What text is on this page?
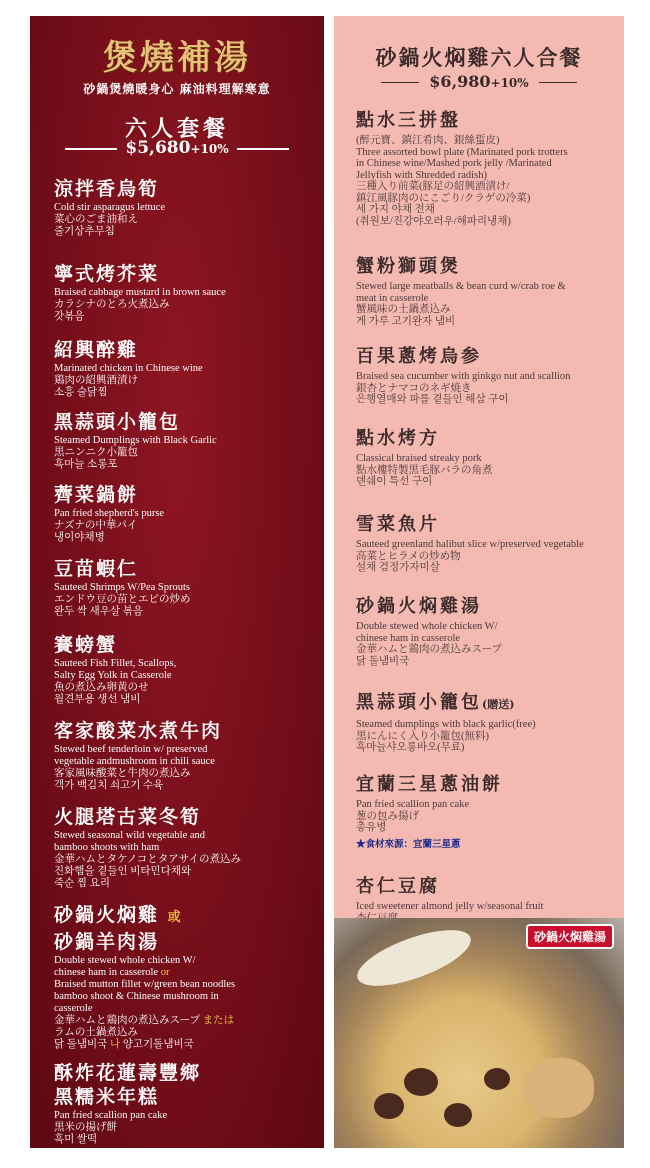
煲燒補湯
砂鍋煲燒暖身心 麻油料理解寒意
六人套餐
$5,680+10%
涼拌香烏筍
Cold stir asparagus lettuce
菜心のごま油和え
줄기상추무침
寧式烤芥菜
Braised cabbage mustard in brown sauce
カラシナのとろ火煮込み
갓볶음
紹興醉雞
Marinated chicken in Chinese wine
鶏肉の紹興酒漬け
소흥 술닭찜
黑蒜頭小籠包
Steamed Dumplings with Black Garlic
黒ニンニク小籠包
흑마늘 소롱포
薺菜鍋餅
Pan fried shepherd's purse
ナズナの中華パイ
냉이야채병
豆苗蝦仁
Sauteed Shrimps W/Pea Sprouts
エンドウ豆の苗とエビの炒め
완두 싹 새우살 볶음
賽螃蟹
Sauteed Fish Fillet, Scallops,
Salty Egg Yolk in Casserole
魚の煮込み卵黄のせ
월견부용 생선 냄비
客家酸菜水煮牛肉
Stewed beef tenderloin w/ preserved
vegetable andmushroom in chili sauce
客家風味酸菜と牛肉の煮込み
객가 백김치 쇠고기 수육
火腿塔古菜冬筍
Stewed seasonal wild vegetable and
bamboo shoots with ham
金華ハムとタケノコとタアサイの煮込み
진화햄을 곁들인 비타민다채와
죽순 찜 요리
砂鍋火焖雞 或
砂鍋羊肉湯
Double stewed whole chicken W/
chinese ham in casserole or
Braised mutton fillet w/green bean noodles
bamboo shoot & Chinese mushroom in
casserole
金華ハムと鶏肉の煮込みスープ または
ラムの土鍋煮込み
닭 돌냄비국 나 양고기돌냄비국
酥炸花蓮壽豐鄉
黑糯米年糕
Pan fried scallion pan cake
黒米の揚げ餅
흑미 쌀떡
砂鍋火焖雞六人合餐
$6,980+10%
點水三拼盤
(醉元寶、鎮江肴肉、銀絲蜇皮)
Three assorted bowl plate (Marinated pork trotters
in Chinese wine/Mashed pork jelly /Marinated
Jellyfish with Shredded radish)
三種入り前菜(豚足の紹興酒漬け/
鎮江風豚肉のにこごり/クラゲの冷菜)
세 가지 야채 전채
(취원보/진강야오러우/해파리냉채)
蟹粉獅頭煲
Stewed large meatballs & bean curd w/crab roe &
meat in casserole
蟹風味の土鍋煮込み
게 가루 고기완자 냄비
百果蔥烤烏参
Braised sea cucumber with ginkgo nut and scallion
銀杏とナマコのネギ焼き
은행열매와 파를 곁들인 해삼 구이
點水烤方
Classical braised streaky pork
點水樓特製黒毛豚バラの角煮
덴쉐이 특선 구이
雪菜魚片
Sauteed greenland halibut slice w/preserved vegetable
高菜とヒラメの炒め物
설채 검정가자미살
砂鍋火焖雞湯
Double stewed whole chicken W/
chinese ham in casserole
金華ハムと鶏肉の煮込みスープ
닭 돌냄비국
黑蒜頭小籠包(贈送)
Steamed dumplings with black garlic(free)
黒にんにく入り小籠包(無料)
흑마늘샤오롱바오(무료)
宜蘭三星蔥油餅
Pan fried scallion pan cake
葱の包み揚げ
총유병
★食材來源：宜蘭三星蔥
杏仁豆腐
Iced sweetener almond jelly w/seasonal fruit
砂鍋火焖雞湯
